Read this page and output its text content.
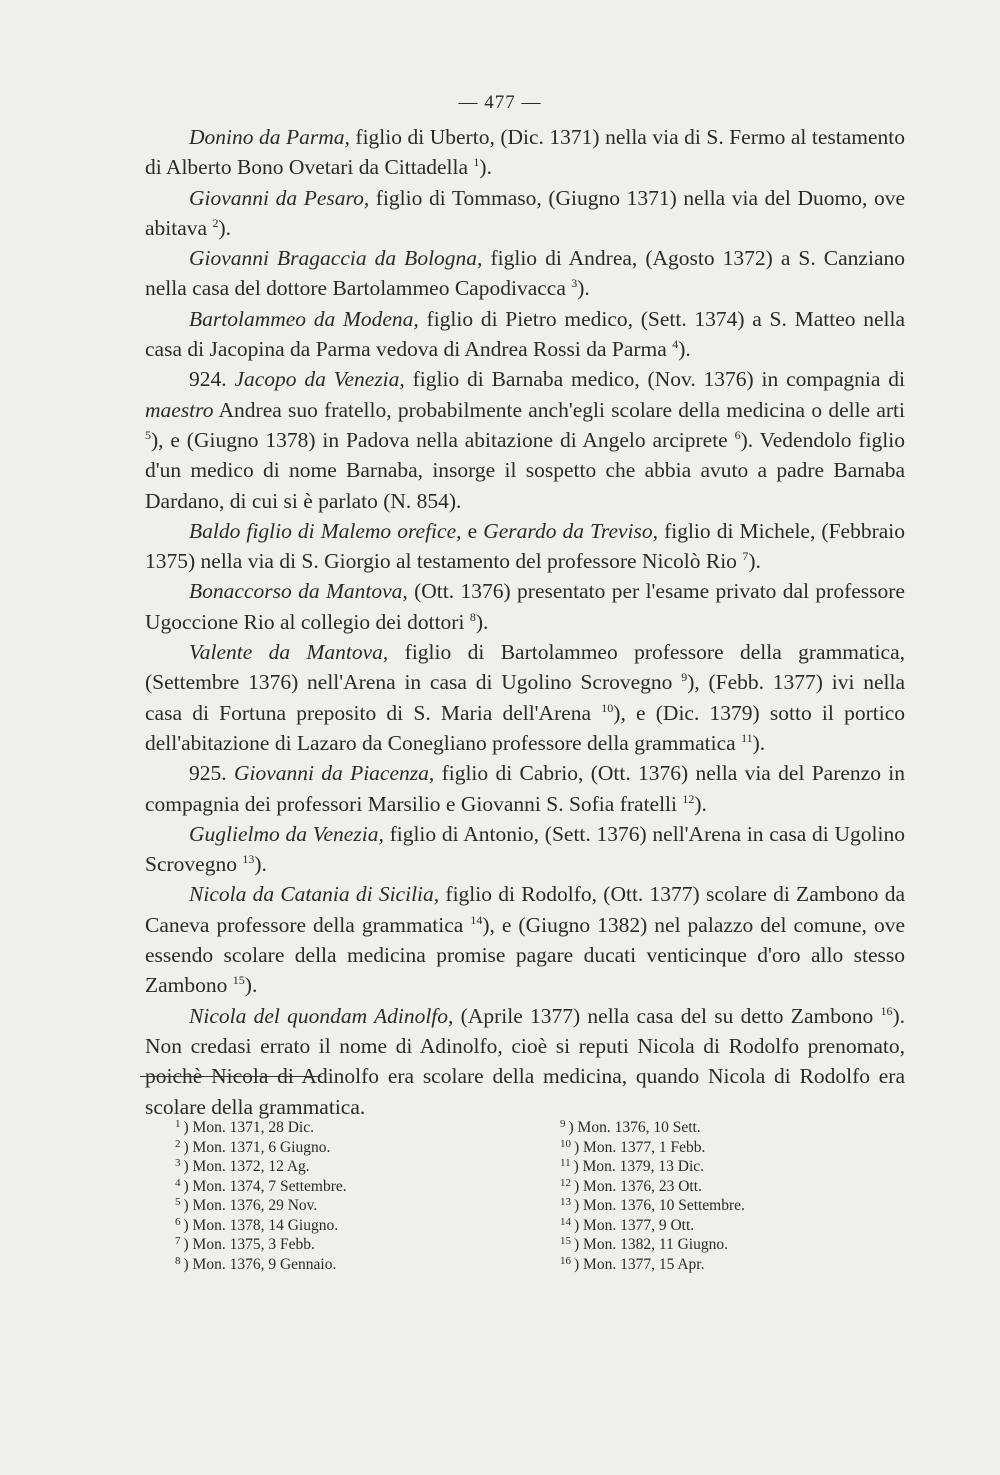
— 477 —

Donino da Parma, figlio di Uberto, (Dic. 1371) nella via di S. Fermo al testamento di Alberto Bono Ovetari da Cittadella $^1$).

Giovanni da Pesaro, figlio di Tommaso, (Giugno 1371) nella via del Duomo, ove abitava $^2$).

Giovanni Bragaccia da Bologna, figlio di Andrea, (Agosto 1372) a S. Canziano nella casa del dottore Bartolammeo Capodivacca $^3$).

Bartolammeo da Modena, figlio di Pietro medico, (Sett. 1374) a S. Matteo nella casa di Jacopina da Parma vedova di Andrea Rossi da Parma $^4$).

924. Jacopo da Venezia, figlio di Barnaba medico, (Nov. 1376) in compagnia di maestro Andrea suo fratello, probabilmente anch'egli scolare della medicina o delle arti $^5$), e (Giugno 1378) in Padova nella abitazione di Angelo arciprete $^6$). Vedendolo figlio d'un medico di nome Barnaba, insorge il sospetto che abbia avuto a padre Barnaba Dardano, di cui si è parlato (N. 854).

Baldo figlio di Malemo orefice, e Gerardo da Treviso, figlio di Michele, (Febbraio 1375) nella via di S. Giorgio al testamento del professore Nicolò Rio $^7$).

Bonaccorso da Mantova, (Ott. 1376) presentato per l'esame privato dal professore Ugoccione Rio al collegio dei dottori $^8$).

Valente da Mantova, figlio di Bartolammeo professore della grammatica, (Settembre 1376) nell'Arena in casa di Ugolino Scrovegno $^9$), (Febb. 1377) ivi nella casa di Fortuna preposito di S. Maria dell'Arena $^{10}$), e (Dic. 1379) sotto il portico dell'abitazione di Lazaro da Conegliano professore della grammatica $^{11}$).

925. Giovanni da Piacenza, figlio di Cabrio, (Ott. 1376) nella via del Parenzo in compagnia dei professori Marsilio e Giovanni S. Sofia fratelli $^{12}$).

Guglielmo da Venezia, figlio di Antonio, (Sett. 1376) nell'Arena in casa di Ugolino Scrovegno $^{13}$).

Nicola da Catania di Sicilia, figlio di Rodolfo, (Ott. 1377) scolare di Zambono da Caneva professore della grammatica $^{14}$), e (Giugno 1382) nel palazzo del comune, ove essendo scolare della medicina promise pagare ducati venticinque d'oro allo stesso Zambono $^{15}$).

Nicola del quondam Adinolfo, (Aprile 1377) nella casa del su detto Zambono $^{16}$). Non credasi errato il nome di Adinolfo, cioè si reputi Nicola di Rodolfo prenomato, poichè Nicola di Adinolfo era scolare della medicina, quando Nicola di Rodolfo era scolare della grammatica.

$^1$ ) Mon. 1371, 28 Dic.
$^2$ ) Mon. 1371, 6 Giugno.
$^3$ ) Mon. 1372, 12 Ag.
$^4$ ) Mon. 1374, 7 Settembre.
$^5$ ) Mon. 1376, 29 Nov.
$^6$ ) Mon. 1378, 14 Giugno.
$^7$ ) Mon. 1375, 3 Febb.
$^8$ ) Mon. 1376, 9 Gennaio.
$^9$ ) Mon. 1376, 10 Sett.
$^{10}$ ) Mon. 1377, 1 Febb.
$^{11}$ ) Mon. 1379, 13 Dic.
$^{12}$ ) Mon. 1376, 23 Ott.
$^{13}$ ) Mon. 1376, 10 Settembre.
$^{14}$ ) Mon. 1377, 9 Ott.
$^{15}$ ) Mon. 1382, 11 Giugno.
$^{16}$ ) Mon. 1377, 15 Apr.
